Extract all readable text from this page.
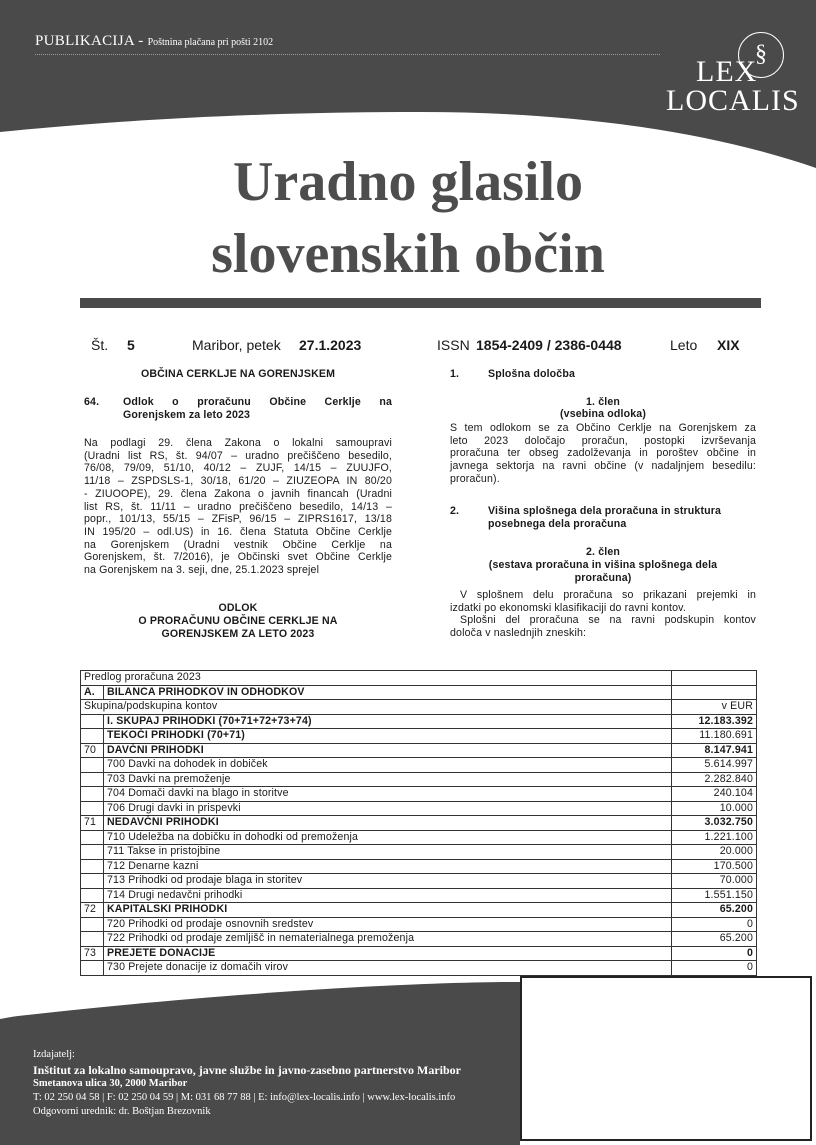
PUBLIKACIJA - Poštnina plačana pri pošti 2102	§
LEX
LOCALIS
Uradno glasilo
slovenskih občin
Št. 5	Maribor, petek 27.1.2023	ISSN 1854-2409 / 2386-0448	Leto XIX
OBČINA CERKLJE NA GORENJSKEM
64. Odlok o proračunu Občine Cerklje na
Gorenjskem za leto 2023
Na podlagi 29. člena Zakona o lokalni samoupravi
(Uradni list RS, št. 94/07 – uradno prečiščeno besedilo,
76/08, 79/09, 51/10, 40/12 – ZUJF, 14/15 – ZUUJFO,
11/18 – ZSPDSLS-1, 30/18, 61/20 – ZIUZEOPA IN 80/20
- ZIUOOPE), 29. člena Zakona o javnih financah (Uradni
list RS, št. 11/11 – uradno prečiščeno besedilo, 14/13 –
popr., 101/13, 55/15 – ZFisP, 96/15 – ZIPRS1617, 13/18
IN 195/20 – odl.US) in 16. člena Statuta Občine Cerklje
na Gorenjskem (Uradni vestnik Občine Cerklje na
Gorenjskem, št. 7/2016), je Občinski svet Občine Cerklje
na Gorenjskem na 3. seji, dne, 25.1.2023 sprejel
ODLOK
O PRORAČUNU OBČINE CERKLJE NA
GORENJSKEM ZA LETO 2023
1.	Splošna določba
1. člen
(vsebina odloka)
S tem odlokom se za Občino Cerklje na Gorenjskem za
leto 2023 določajo proračun, postopki izvrševanja
proračuna ter obseg zadolževanja in poroštev občine in
javnega sektorja na ravni občine (v nadaljnjem besedilu:
proračun).
2.	Višina splošnega dela proračuna in struktura
posebnega dela proračuna
2. člen
(sestava proračuna in višina splošnega dela
proračuna)
V splošnem delu proračuna so prikazani prejemki in
izdatki po ekonomski klasifikaciji do ravni kontov.
Splošni del proračuna se na ravni podskupin kontov
določa v naslednjih zneskih:
Predlog proračuna 2023		
A.	BILANCA PRIHODKOV IN ODHODKOV	
Skupina/podskupina kontov		v EUR
	I. SKUPAJ PRIHODKI (70+71+72+73+74)	12.183.392
	TEKOČI PRIHODKI (70+71)	11.180.691
70	DAVČNI PRIHODKI	8.147.941
	700 Davki na dohodek in dobiček	5.614.997
	703 Davki na premoženje	2.282.840
	704 Domači davki na blago in storitve	240.104
	706 Drugi davki in prispevki	10.000
71	NEDAVČNI PRIHODKI	3.032.750
	710 Udeležba na dobičku in dohodki od premoženja	1.221.100
	711 Takse in pristojbine	20.000
	712 Denarne kazni	170.500
	713 Prihodki od prodaje blaga in storitev	70.000
	714 Drugi nedavčni prihodki	1.551.150
72	KAPITALSKI PRIHODKI	65.200
	720 Prihodki od prodaje osnovnih sredstev	0
	722 Prihodki od prodaje zemljišč in nematerialnega premoženja	65.200
73	PREJETE DONACIJE	0
	730 Prejete donacije iz domačih virov	0
Izdajatelj:
Inštitut za lokalno samoupravo, javne službe in javno-zasebno partnerstvo Maribor
Smetanova ulica 30, 2000 Maribor
T: 02 250 04 58 | F: 02 250 04 59 | M: 031 68 77 88 | E: info@lex-localis.info | www.lex-localis.info
Odgovorni urednik: dr. Boštjan Brezovnik
